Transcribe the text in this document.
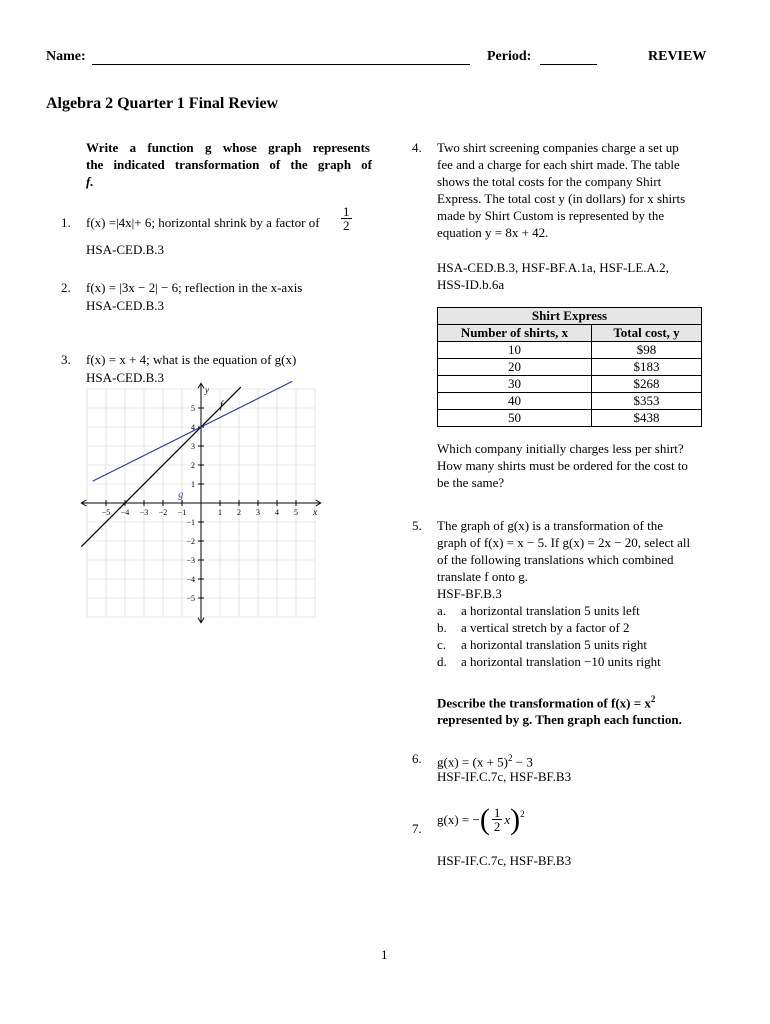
Name:	Period:	REVIEW
Algebra 2 Quarter 1 Final Review
Write a function g whose graph represents
the indicated transformation of the graph of
f.
1. f(x) =|4x|+ 6; horizontal shrink by a factor of $\frac{1}{2}$
HSA-CED.B.3
2. f(x) = |3x − 2| − 6; reflection in the x-axis
HSA-CED.B.3
3. f(x) = x + 4; what is the equation of g(x)
HSA-CED.B.3
−5 −4 −3 −2 −1	1 2 3 4 5
1
2
3
4
5
−1
−2
−3
−4
−5
x
y
f
g
4. Two shirt screening companies charge a set up
fee and a charge for each shirt made. The table
shows the total costs for the company Shirt
Express. The total cost y (in dollars) for x shirts
made by Shirt Custom is represented by the
equation y = 8x + 42.
HSA-CED.B.3, HSF-BF.A.1a, HSF-LE.A.2,
HSS-ID.b.6a
Shirt Express	
Number of shirts, x	Total cost, y
10	$98
20	$183
30	$268
40	$353
50	$438
Which company initially charges less per shirt?
How many shirts must be ordered for the cost to
be the same?
5. The graph of g(x) is a transformation of the
graph of f(x) = x − 5. If g(x) = 2x − 20, select all
of the following translations which combined
translate f onto g.
HSF-BF.B.3
a. a horizontal translation 5 units left
b. a vertical stretch by a factor of 2
c. a horizontal translation 5 units right
d. a horizontal translation −10 units right
Describe the transformation of $f(x) = x^2$
represented by g. Then graph each function.
6. $g(x) = (x + 5)^2 - 3$
HSF-IF.C.7c, HSF-BF.B3
7.
g(x) = −( $\frac{1}{2} x)^2$
HSF-IF.C.7c, HSF-BF.B3
1
